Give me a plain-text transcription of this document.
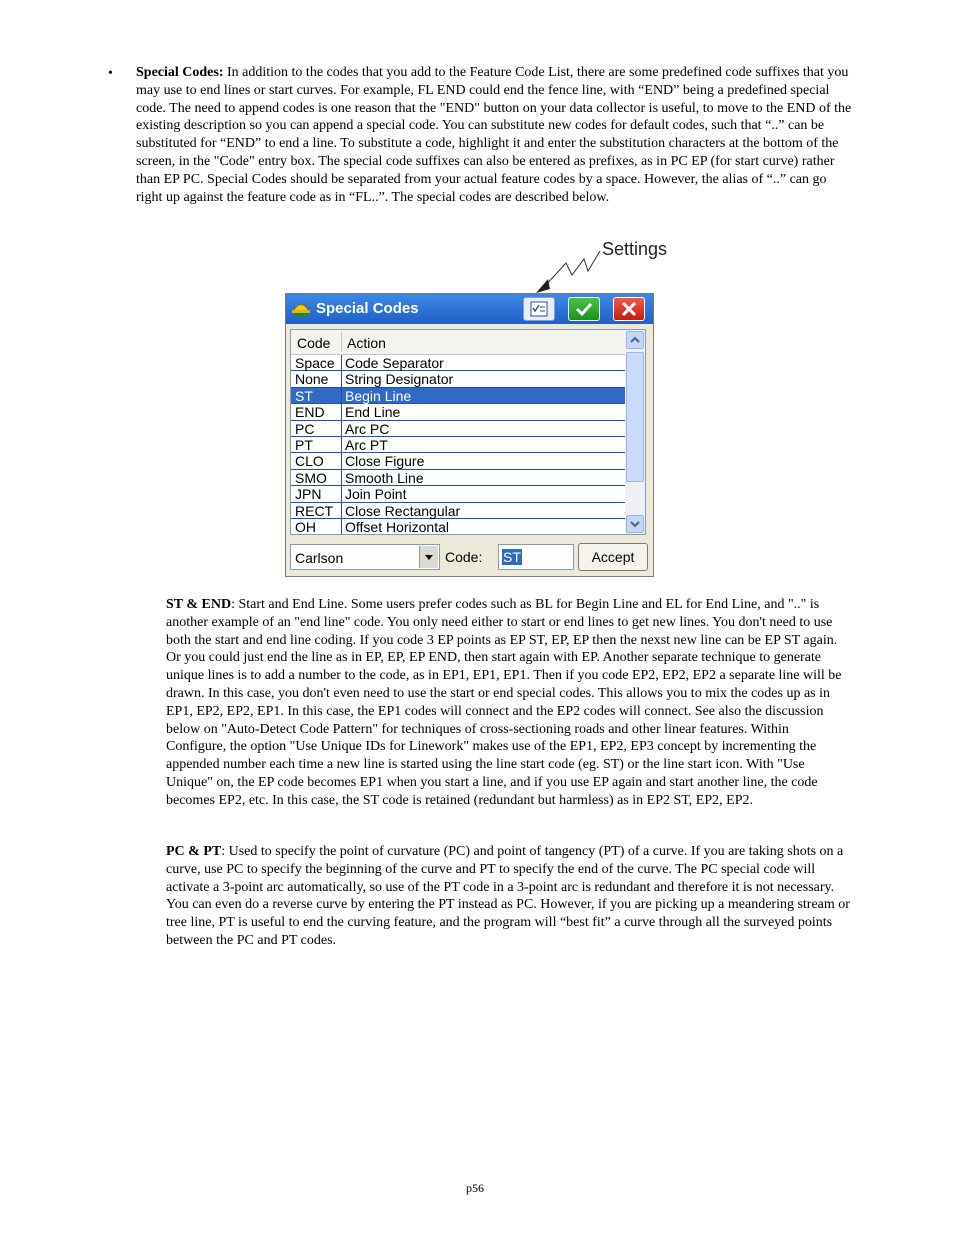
• Special Codes: In addition to the codes that you add to the Feature Code List, there are some predefined code suffixes that you may use to end lines or start curves. For example, FL END could end the fence line, with “END” being a predefined special code. The need to append codes is one reason that the "END" button on your data collector is useful, to move to the END of the existing description so you can append a special code. You can substitute new codes for default codes, such that “..” can be substituted for “END” to end a line. To substitute a code, highlight it and enter the substitution characters at the bottom of the screen, in the "Code" entry box. The special code suffixes can also be entered as prefixes, as in PC EP (for start curve) rather than EP PC. Special Codes should be separated from your actual feature codes by a space. However, the alias of “..” can go right up against the feature code as in “FL..”. The special codes are described below.
Settings
Special Codes
Code Action
Space Code Separator
None String Designator
ST Begin Line
END End Line
PC Arc PC
PT Arc PT
CLO Close Figure
SMO Smooth Line
JPN Join Point
RECT Close Rectangular
OH Offset Horizontal
Carlson	Code: ST	Accept
ST & END: Start and End Line. Some users prefer codes such as BL for Begin Line and EL for End Line, and ".." is another example of an "end line" code. You only need either to start or end lines to get new lines. You don't need to use both the start and end line coding. If you code 3 EP points as EP ST, EP, EP then the nexst new line can be EP ST again. Or you could just end the line as in EP, EP, EP END, then start again with EP. Another separate technique to generate unique lines is to add a number to the code, as in EP1, EP1, EP1. Then if you code EP2, EP2, EP2 a separate line will be drawn. In this case, you don't even need to use the start or end special codes. This allows you to mix the codes up as in EP1, EP2, EP2, EP1. In this case, the EP1 codes will connect and the EP2 codes will connect. See also the discussion below on "Auto-Detect Code Pattern" for techniques of cross-sectioning roads and other linear features. Within Configure, the option "Use Unique IDs for Linework" makes use of the EP1, EP2, EP3 concept by incrementing the appended number each time a new line is started using the line start code (eg. ST) or the line start icon. With "Use Unique" on, the EP code becomes EP1 when you start a line, and if you use EP again and start another line, the code becomes EP2, etc. In this case, the ST code is retained (redundant but harmless) as in EP2 ST, EP2, EP2.
PC & PT: Used to specify the point of curvature (PC) and point of tangency (PT) of a curve. If you are taking shots on a curve, use PC to specify the beginning of the curve and PT to specify the end of the curve. The PC special code will activate a 3-point arc automatically, so use of the PT code in a 3-point arc is redundant and therefore it is not necessary. You can even do a reverse curve by entering the PT instead as PC. However, if you are picking up a meandering stream or tree line, PT is useful to end the curving feature, and the program will “best fit” a curve through all the surveyed points between the PC and PT codes.
p56
